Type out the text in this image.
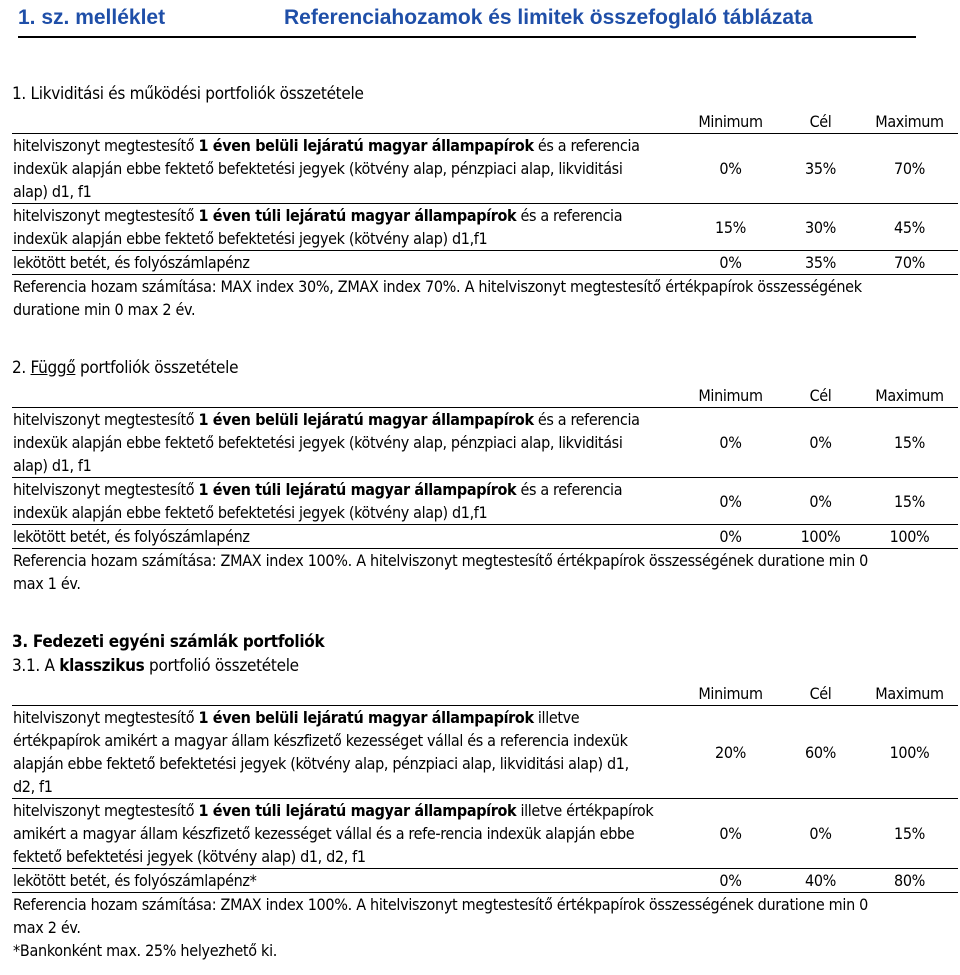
1. sz. melléklet	Referenciahozamok és limitek összefoglaló táblázata
1. Likviditási és működési portfoliók összetétele
	Minimum	Cél	Maximum
hitelviszonyt megtestesítő 1 éven belüli lejáratú magyar állampapírok és a referencia indexük alapján ebbe fektető befektetési jegyek (kötvény alap, pénzpiaci alap, likviditási alap) d1, f1	0%	35%	70%
hitelviszonyt megtestesítő 1 éven túli lejáratú magyar állampapírok és a referencia indexük alapján ebbe fektető befektetési jegyek (kötvény alap) d1,f1	15%	30%	45%
lekötött betét, és folyószámlapénz	0%	35%	70%
Referencia hozam számítása: MAX index 30%, ZMAX index 70%. A hitelviszonyt megtestesítő értékpapírok összességének duratione min 0 max 2 év.			
2. Függő portfoliók összetétele
	Minimum	Cél	Maximum
hitelviszonyt megtestesítő 1 éven belüli lejáratú magyar állampapírok és a referencia indexük alapján ebbe fektető befektetési jegyek (kötvény alap, pénzpiaci alap, likviditási alap) d1, f1	0%	0%	15%
hitelviszonyt megtestesítő 1 éven túli lejáratú magyar állampapírok és a referencia indexük alapján ebbe fektető befektetési jegyek (kötvény alap) d1,f1	0%	0%	15%
lekötött betét, és folyószámlapénz	0%	100%	100%
Referencia hozam számítása: ZMAX index 100%. A hitelviszonyt megtestesítő értékpapírok összességének duratione min 0 max 1 év.			
3. Fedezeti egyéni számlák portfoliók
3.1. A klasszikus portfolió összetétele
	Minimum	Cél	Maximum
hitelviszonyt megtestesítő 1 éven belüli lejáratú magyar állampapírok illetve értékpapírok amikért a magyar állam készfizető kezességet vállal és a referencia indexük alapján ebbe fektető befektetési jegyek (kötvény alap, pénzpiaci alap, likviditási alap) d1, d2, f1	20%	60%	100%
hitelviszonyt megtestesítő 1 éven túli lejáratú magyar állampapírok illetve értékpapírok amikért a magyar állam készfizető kezességet vállal és a refe-rencia indexük alapján ebbe fektető befektetési jegyek (kötvény alap) d1, d2, f1	0%	0%	15%
lekötött betét, és folyószámlapénz*	0%	40%	80%
Referencia hozam számítása: ZMAX index 100%. A hitelviszonyt megtestesítő értékpapírok összességének duratione min 0 max 2 év.			
*Bankonként max. 25% helyezhető ki.			
